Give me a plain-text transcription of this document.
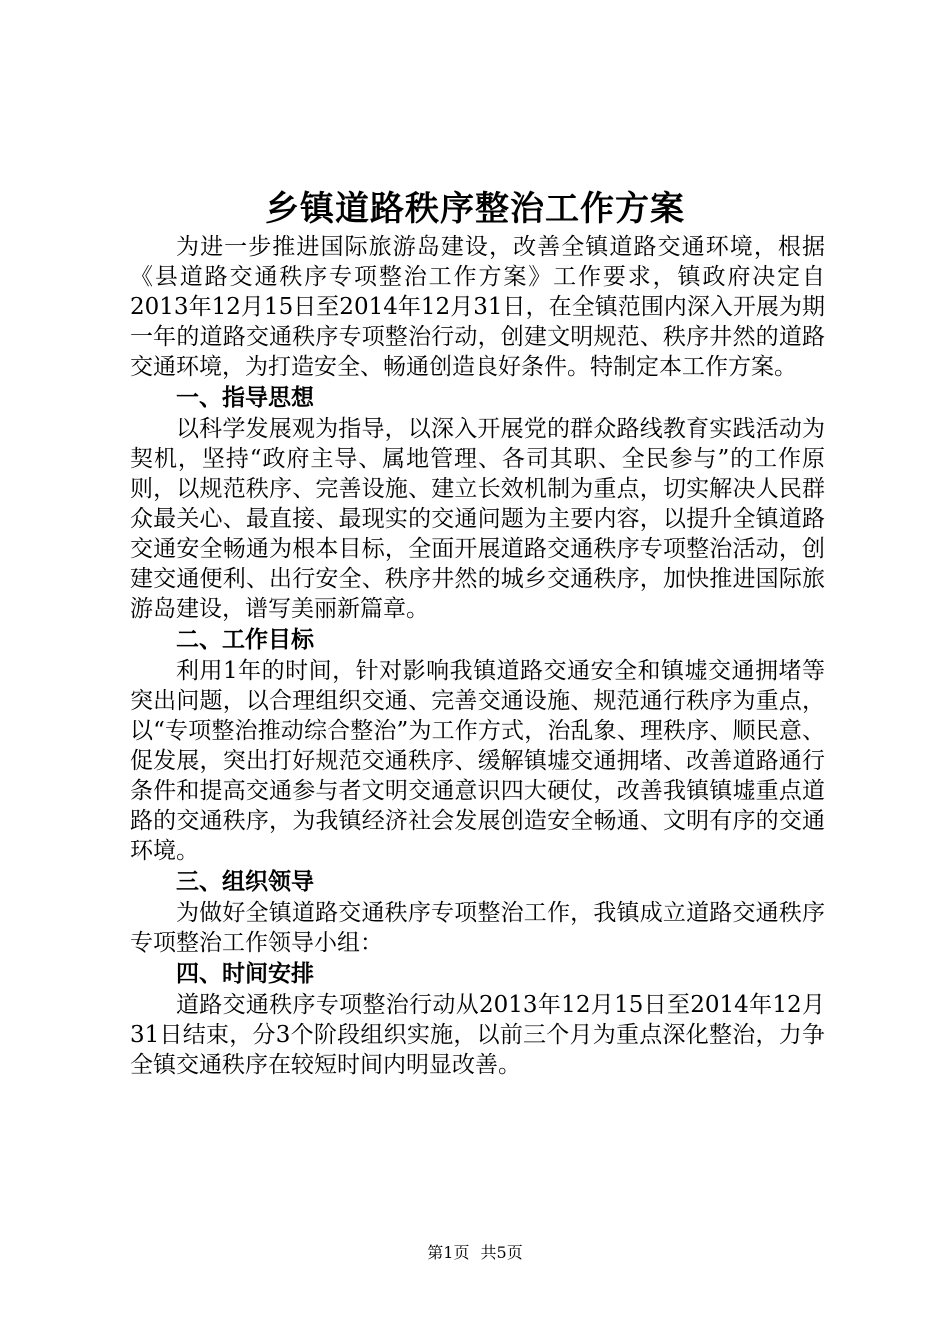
乡镇道路秩序整治工作方案

为进一步推进国际旅游岛建设，改善全镇道路交通环境，根据《县道路交通秩序专项整治工作方案》工作要求，镇政府决定自2013年12月15日至2014年12月31日，在全镇范围内深入开展为期一年的道路交通秩序专项整治行动，创建文明规范、秩序井然的道路交通环境，为打造安全、畅通创造良好条件。特制定本工作方案。

一、指导思想

以科学发展观为指导，以深入开展党的群众路线教育实践活动为契机，坚持“政府主导、属地管理、各司其职、全民参与”的工作原则，以规范秩序、完善设施、建立长效机制为重点，切实解决人民群众最关心、最直接、最现实的交通问题为主要内容，以提升全镇道路交通安全畅通为根本目标，全面开展道路交通秩序专项整治活动，创建交通便利、出行安全、秩序井然的城乡交通秩序，加快推进国际旅游岛建设，谱写美丽新篇章。

二、工作目标

利用1年的时间，针对影响我镇道路交通安全和镇墟交通拥堵等突出问题，以合理组织交通、完善交通设施、规范通行秩序为重点，以“专项整治推动综合整治”为工作方式，治乱象、理秩序、顺民意、促发展，突出打好规范交通秩序、缓解镇墟交通拥堵、改善道路通行条件和提高交通参与者文明交通意识四大硬仗，改善我镇镇墟重点道路的交通秩序，为我镇经济社会发展创造安全畅通、文明有序的交通环境。

三、组织领导

为做好全镇道路交通秩序专项整治工作，我镇成立道路交通秩序专项整治工作领导小组：

四、时间安排

道路交通秩序专项整治行动从2013年12月15日至2014年12月31日结束，分3个阶段组织实施，以前三个月为重点深化整治，力争全镇交通秩序在较短时间内明显改善。

第1页 共5页
